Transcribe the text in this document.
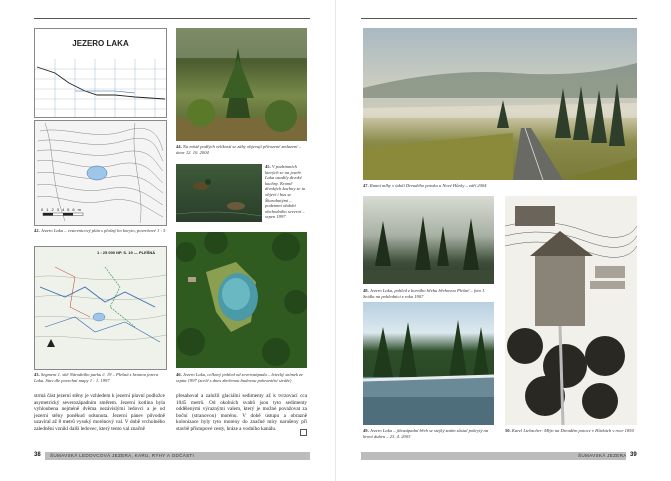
JEZERO LAKA
0123456m
42. Jezero Laka – vrstevnicový plán s plošný ho koryto, povrchové 1 : 5
1 : 25 000 NP. S. 19 — PLEŠNÁ
43. Segment 1. sítě Národního parku č. 19 – Plešná s hranou jezera Laka. Stav dle povrchní mapy 1 : 1. 1997
44. Na místě podlých velikostí se záby objevují přírozené zmlazení – únor 12. 10. 2004
45. V podzimních kterých se na jezeře Laka usadily divoké kachny. Kromě divokých kachny se tu objeví i hus se Škarabatými – podzimní období obchodního severní – srpen 1997
46. Jezero Laka, celkový pohled od severozápadu – letecký snímek ze srpna 1997 (zcelé s dnes zbořenou budovou pohraniční stráže)
strmá část jezerní stěny je vzhledem k jezerní plavní podložce asymetrický severozápadním směrem. Jezerní kotlina byla vyhloubena nejméně dvěma nezávislými ledovci a je od jezerní stěny poněkud odsunuta. Jezerní pánev původně uzavíral až 8 metrů vysoký morénový val. V době vrcholného zalednění vznikl další ledovec, který tento val značně
přesahoval a založil glaciální sedimenty až k tvrzovací cca 1045 metrů. Od okolních svahů jsou tyto sedimenty oddělenými výraznými valem, který je možné považovat za boční (stranovou) morénu. V době ústupu a obrazně kolonizace byly tyto moreny do značné míry narušeny při stavbě přístupové cesty, hráze a vodního kanálu.
38 ŠUMAVSKÁ LEDOVCOVÁ JEZERA, KARU, RÝHY A ODČÁSTI
47. Ranní mlhy v údolí Dreudého potoka u Nové Hůrky – září 2004
48. Jezero Laka, pohled z horního břehu břehovou Plešné – foto J. Seidla na pohlednici z roku 1907
49. Jezero Laka – jihozápadní břeh se stejký zatím zůstal pokrytý na hroní duben – 23. 4. 2003
50. Karel Liebscher: Mlýn na Dreudém potoce v Hůrkách v roce 1850
ŠUMAVSKÁ JEZERA 39
